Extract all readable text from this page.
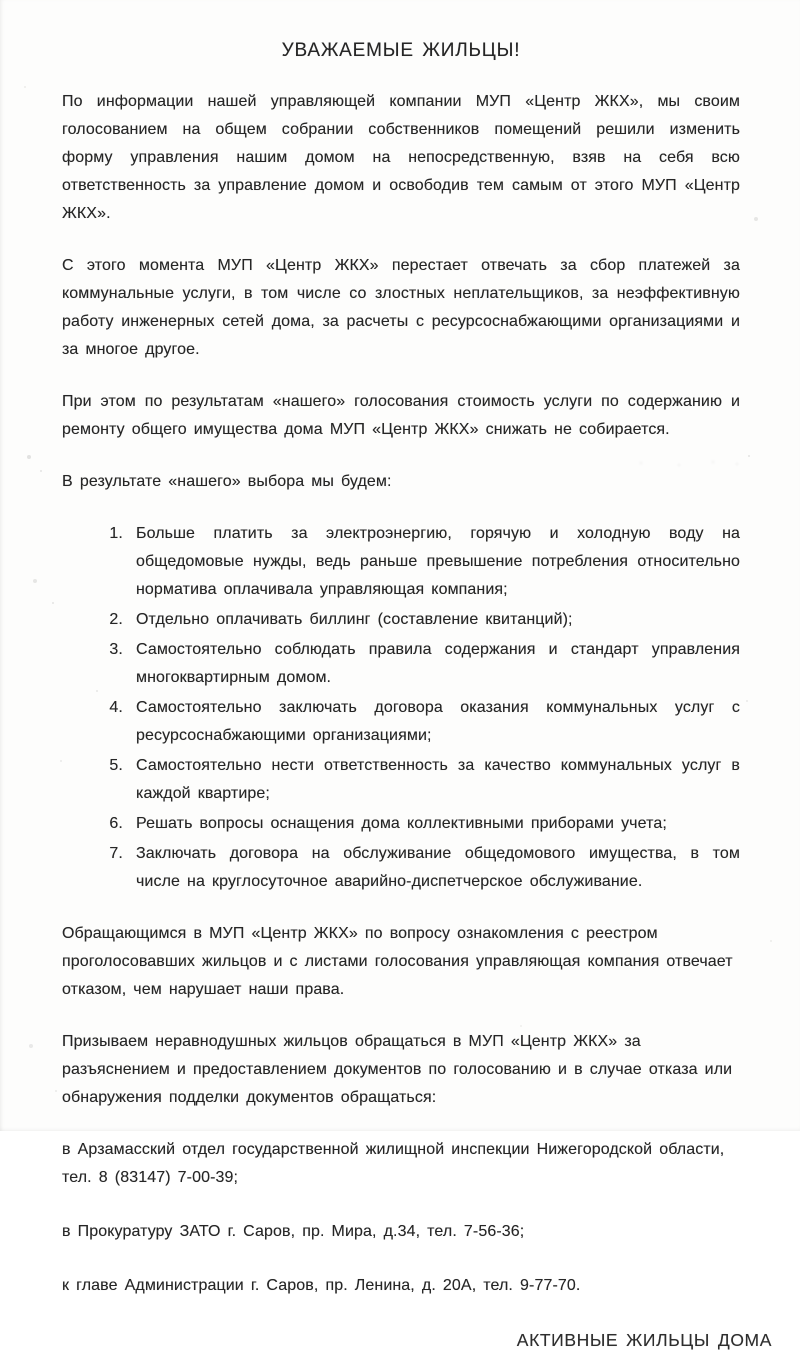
УВАЖАЕМЫЕ ЖИЛЬЦЫ!

По информации нашей управляющей компании МУП «Центр ЖКХ», мы своим голосованием на общем собрании собственников помещений решили изменить форму управления нашим домом на непосредственную, взяв на себя всю ответственность за управление домом и освободив тем самым от этого МУП «Центр ЖКХ».

С этого момента МУП «Центр ЖКХ» перестает отвечать за сбор платежей за коммунальные услуги, в том числе со злостных неплательщиков, за неэффективную работу инженерных сетей дома, за расчеты с ресурсоснабжающими организациями и за многое другое.

При этом по результатам «нашего» голосования стоимость услуги по содержанию и ремонту общего имущества дома МУП «Центр ЖКХ» снижать не собирается.

В результате «нашего» выбора мы будем:

1. Больше платить за электроэнергию, горячую и холодную воду на общедомовые нужды, ведь раньше превышение потребления относительно норматива оплачивала управляющая компания;
2. Отдельно оплачивать биллинг (составление квитанций);
3. Самостоятельно соблюдать правила содержания и стандарт управления многоквартирным домом.
4. Самостоятельно заключать договора оказания коммунальных услуг с ресурсоснабжающими организациями;
5. Самостоятельно нести ответственность за качество коммунальных услуг в каждой квартире;
6. Решать вопросы оснащения дома коллективными приборами учета;
7. Заключать договора на обслуживание общедомового имущества, в том числе на круглосуточное аварийно-диспетчерское обслуживание.

Обращающимся в МУП «Центр ЖКХ» по вопросу ознакомления с реестром проголосовавших жильцов и с листами голосования управляющая компания отвечает отказом, чем нарушает наши права.

Призываем неравнодушных жильцов обращаться в МУП «Центр ЖКХ» за разъяснением и предоставлением документов по голосованию и в случае отказа или обнаружения подделки документов обращаться:

в Арзамасский отдел государственной жилищной инспекции Нижегородской области, тел. 8 (83147) 7-00-39;

в Прокуратуру ЗАТО г. Саров, пр. Мира, д.34, тел. 7-56-36;

к главе Администрации г. Саров, пр. Ленина, д. 20А, тел. 9-77-70.

АКТИВНЫЕ ЖИЛЬЦЫ ДОМА
